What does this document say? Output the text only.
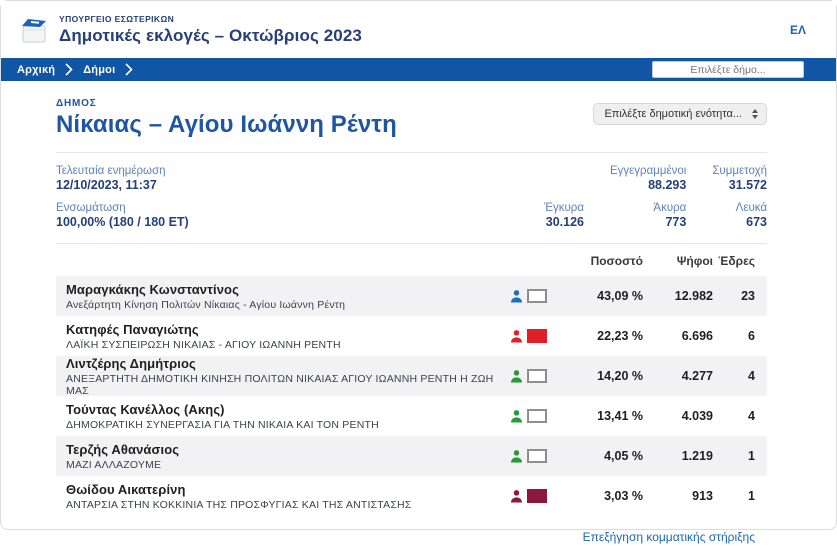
ΥΠΟΥΡΓΕΙΟ ΕΣΩΤΕΡΙΚΩΝ
Δημοτικές εκλογές – Οκτώβριος 2023	ΕΛ
Αρχική	Δήμοι
Επιλέξτε δήμο...
ΔΗΜΟΣ
Νίκαιας – Αγίου Ιωάννη Ρέντη	Επιλέξτε δημοτική ενότητα...
Τελευταία ενημέρωση
12/10/2023, 11:37
Ενσωμάτωση
100,00% (180 / 180 ΕΤ)
Εγγεγραμμένοι
88.293
Συμμετοχή
31.572
Έγκυρα
30.126
Άκυρα
773
Λευκά
673
Ποσοστό	Ψήφοι Έδρες
Μαραγκάκης Κωνσταντίνος
Ανεξάρτητη Κίνηση Πολιτών Νίκαιας - Αγίου Ιωάννη Ρέντη
43,09 %	12.982	23
Κατηφές Παναγιώτης
ΛΑΪΚΗ ΣΥΣΠΕΙΡΩΣΗ ΝΙΚΑΙΑΣ - ΑΓΙΟΥ ΙΩΑΝΝΗ ΡΕΝΤΗ
22,23 %	6.696	6
Λιντζέρης Δημήτριος
ΑΝΕΞΑΡΤΗΤΗ ΔΗΜΟΤΙΚΗ ΚΙΝΗΣΗ ΠΟΛΙΤΩΝ ΝΙΚΑΙΑΣ ΑΓΙΟΥ ΙΩΑΝΝΗ ΡΕΝΤΗ Η ΖΩΗ ΜΑΣ
14,20 %	4.277	4
Τούντας Κανέλλος (Ακης)
ΔΗΜΟΚΡΑΤΙΚΗ ΣΥΝΕΡΓΑΣΙΑ ΓΙΑ ΤΗΝ ΝΙΚΑΙΑ ΚΑΙ ΤΟΝ ΡΕΝΤΗ
13,41 %	4.039	4
Τερζής Αθανάσιος
ΜΑΖΙ ΑΛΛΑΖΟΥΜΕ
4,05 %	1.219	1
Θωίδου Αικατερίνη
ΑΝΤΑΡΣΙΑ ΣΤΗΝ ΚΟΚΚΙΝΙΑ ΤΗΣ ΠΡΟΣΦΥΓΙΑΣ ΚΑΙ ΤΗΣ ΑΝΤΙΣΤΑΣΗΣ
3,03 %	913	1
Επεξήγηση κομματικής στήριξης
